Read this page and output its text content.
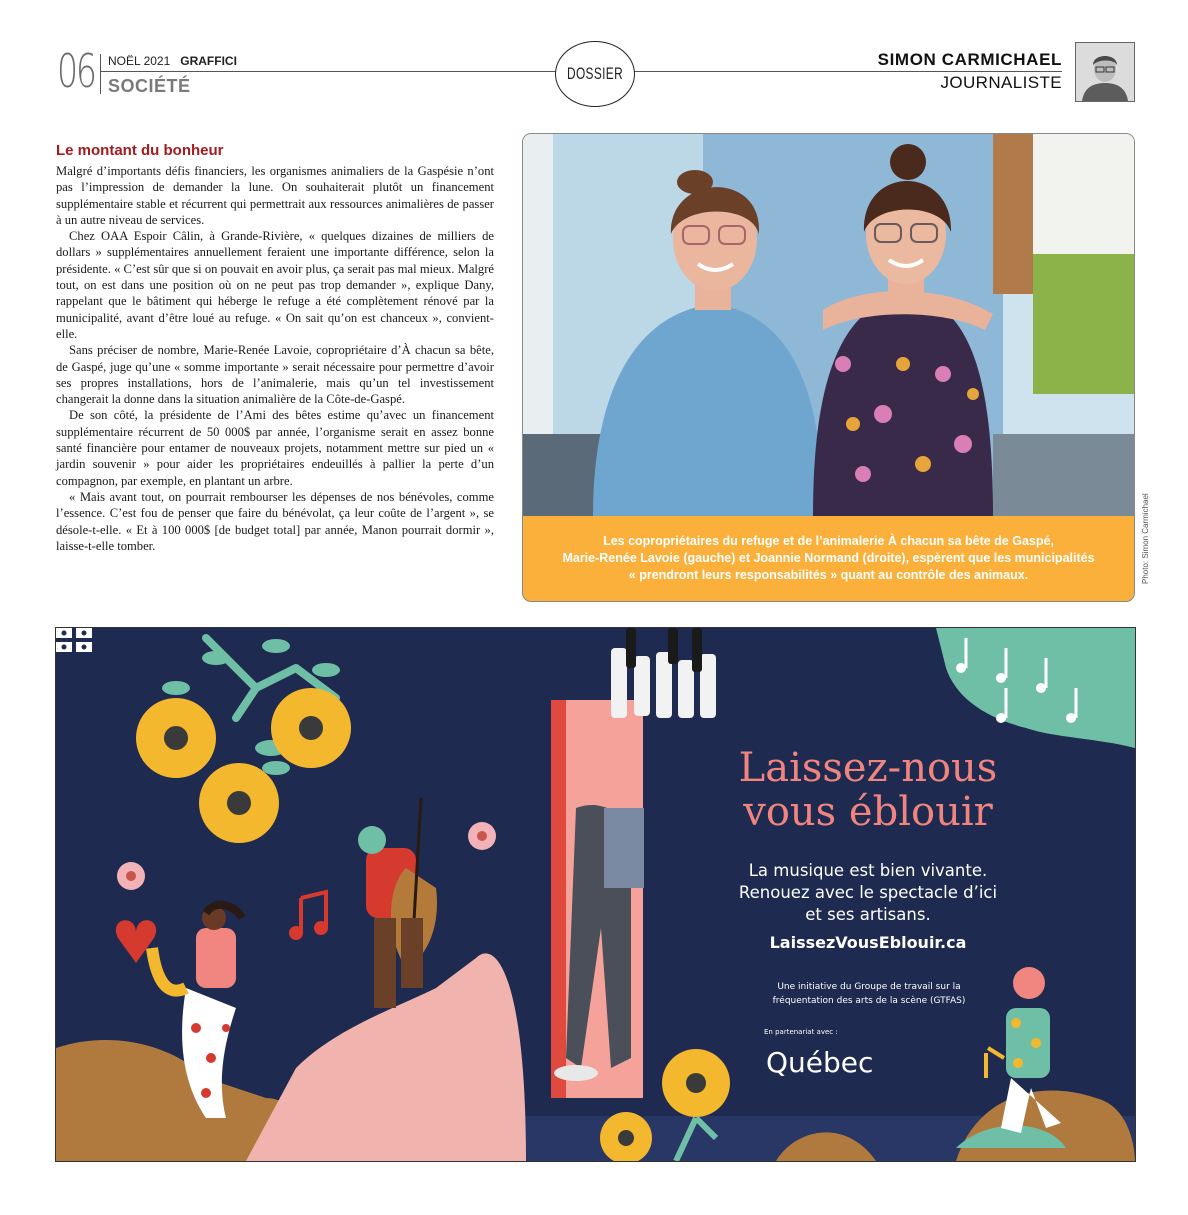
06 NOËL 2021 GRAFFICI
SOCIÉTÉ
DOSSIER
SIMON CARMICHAEL
JOURNALISTE
Le montant du bonheur

Malgré d’importants défis financiers, les organismes animaliers de la Gaspésie n’ont pas l’impression de demander la lune. On souhaiterait plutôt un financement supplémentaire stable et récurrent qui permettrait aux ressources animalières de passer à un autre niveau de services.

Chez OAA Espoir Câlin, à Grande-Rivière, « quelques dizaines de milliers de dollars » supplémentaires annuellement feraient une importante différence, selon la présidente. « C’est sûr que si on pouvait en avoir plus, ça serait pas mal mieux. Malgré tout, on est dans une position où on ne peut pas trop demander », explique Dany, rappelant que le bâtiment qui héberge le refuge a été complètement rénové par la municipalité, avant d’être loué au refuge. « On sait qu’on est chanceux », convient-elle.

Sans préciser de nombre, Marie-Renée Lavoie, copropriétaire d’À chacun sa bête, de Gaspé, juge qu’une « somme importante » serait nécessaire pour permettre d’avoir ses propres installations, hors de l’animalerie, mais qu’un tel investissement changerait la donne dans la situation animalière de la Côte-de-Gaspé.

De son côté, la présidente de l’Ami des bêtes estime qu’avec un financement supplémentaire récurrent de 50 000$ par année, l’organisme serait en assez bonne santé financière pour entamer de nouveaux projets, notamment mettre sur pied un « jardin souvenir » pour aider les propriétaires endeuillés à pallier la perte d’un compagnon, par exemple, en plantant un arbre.

« Mais avant tout, on pourrait rembourser les dépenses de nos bénévoles, comme l’essence. C’est fou de penser que faire du bénévolat, ça leur coûte de l’argent », se désole-t-elle. « Et à 100 000$ [de budget total] par année, Manon pourrait dormir », laisse-t-elle tomber.	Les copropriétaires du refuge et de l’animalerie À chacun sa bête de Gaspé,
Marie-Renée Lavoie (gauche) et Joannie Normand (droite), espèrent que les municipalités
« prendront leurs responsabilités » quant au contrôle des animaux.	Photo: Simon Carmichael
Laissez-nous
vous éblouir
La musique est bien vivante.
Renouez avec le spectacle d’ici
et ses artisans.
LaissezVousEblouir.ca
Une initiative du Groupe de travail sur la
fréquentation des arts de la scène (GTFAS)
En partenariat avec :
Québec
